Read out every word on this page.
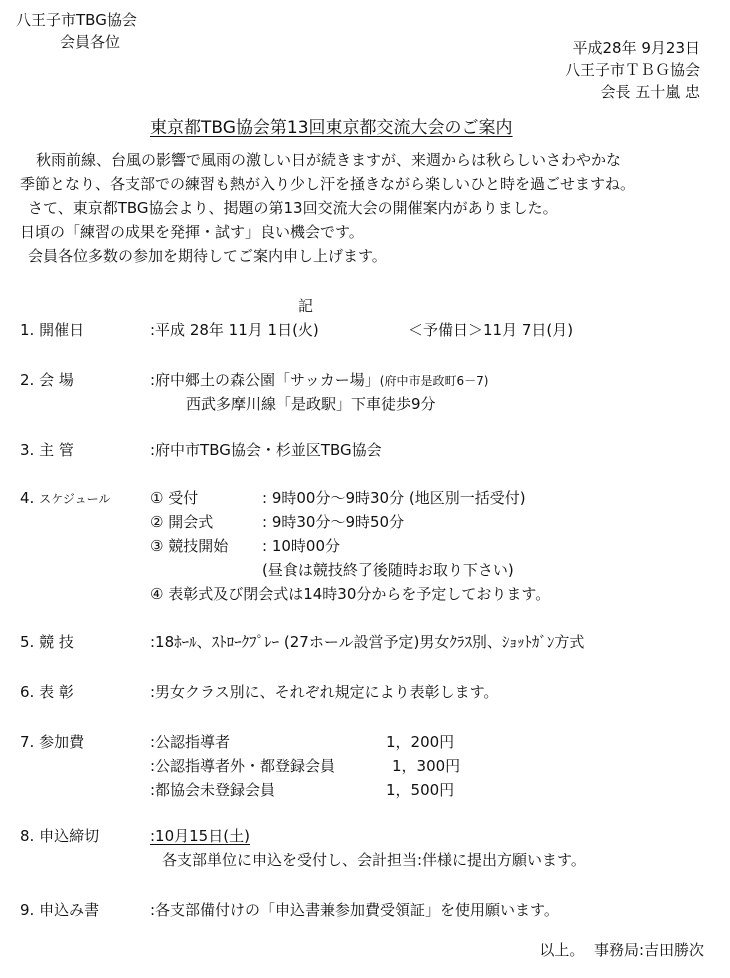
八王子市TBG協会
会員各位	平成28年 9月23日
八王子市ＴＢＧ協会
会長 五十嵐 忠
東京都TBG協会第13回東京都交流大会のご案内
秋雨前線、台風の影響で風雨の激しい日が続きますが、来週からは秋らしいさわやかな
季節となり、各支部での練習も熱が入り少し汗を掻きながら楽しいひと時を過ごせますね。
さて、東京都TBG協会より、掲題の第13回交流大会の開催案内がありました。
日頃の「練習の成果を発揮・試す」良い機会です。
会員各位多数の参加を期待してご案内申し上げます。
記
1. 開催日	:平成 28年 11月 1日(火)	＜予備日＞11月 7日(月)
2. 会 場	:府中郷土の森公園「サッカー場」(府中市是政町6－7)
西武多摩川線「是政駅」下車徒歩9分
3. 主 管	:府中市TBG協会・杉並区TBG協会
4. スケジュール	① 受付	: 9時00分～9時30分 (地区別一括受付)
② 開会式	: 9時30分～9時50分
③ 競技開始 : 10時00分
(昼食は競技終了後随時お取り下さい)
④ 表彰式及び閉会式は14時30分からを予定しております。
5. 競 技	:18ﾎｰﾙ、ｽﾄﾛｰｸﾌﾟﾚｰ (27ホール設営予定)男女ｸﾗｽ別、ｼｮｯﾄｶﾞﾝ方式
6. 表 彰	:男女クラス別に、それぞれ規定により表彰します。
7. 参加費	:公認指導者	1，200円
:公認指導者外・都登録会員	1，300円
:都協会未登録会員	1，500円
8. 申込締切	:10月15日(土)
各支部単位に申込を受付し、会計担当:伴様に提出方願います。
9. 申込み書	:各支部備付けの「申込書兼参加費受領証」を使用願います。
以上。 事務局:吉田勝次
